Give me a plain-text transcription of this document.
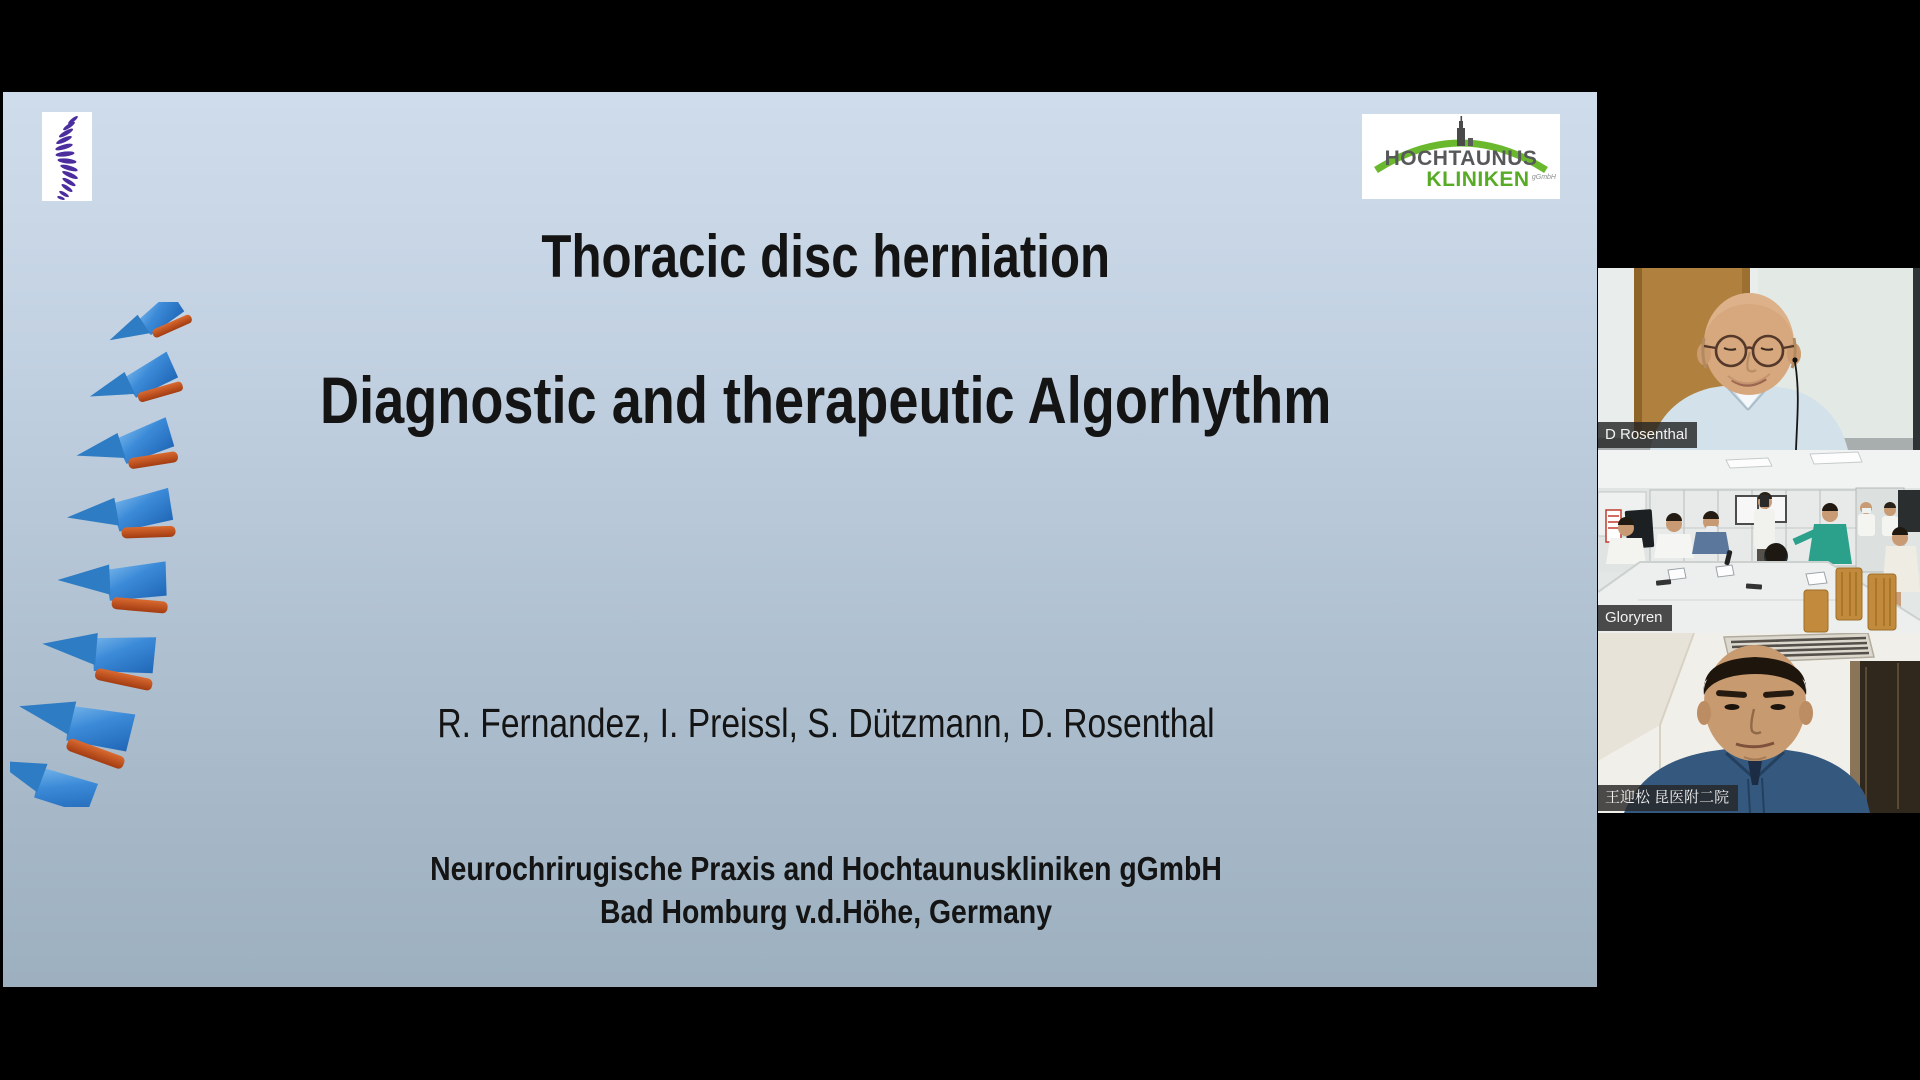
HOCHTAUNUS
KLINIKEN gGmbH
Thoracic disc herniation
Diagnostic and therapeutic Algorhythm
R. Fernandez, I. Preissl, S. Dützmann, D. Rosenthal
Neurochrirugische Praxis and Hochtaunuskliniken gGmbH
Bad Homburg v.d.Höhe, Germany
D Rosenthal
Gloryren
王迎松 昆医附二院
